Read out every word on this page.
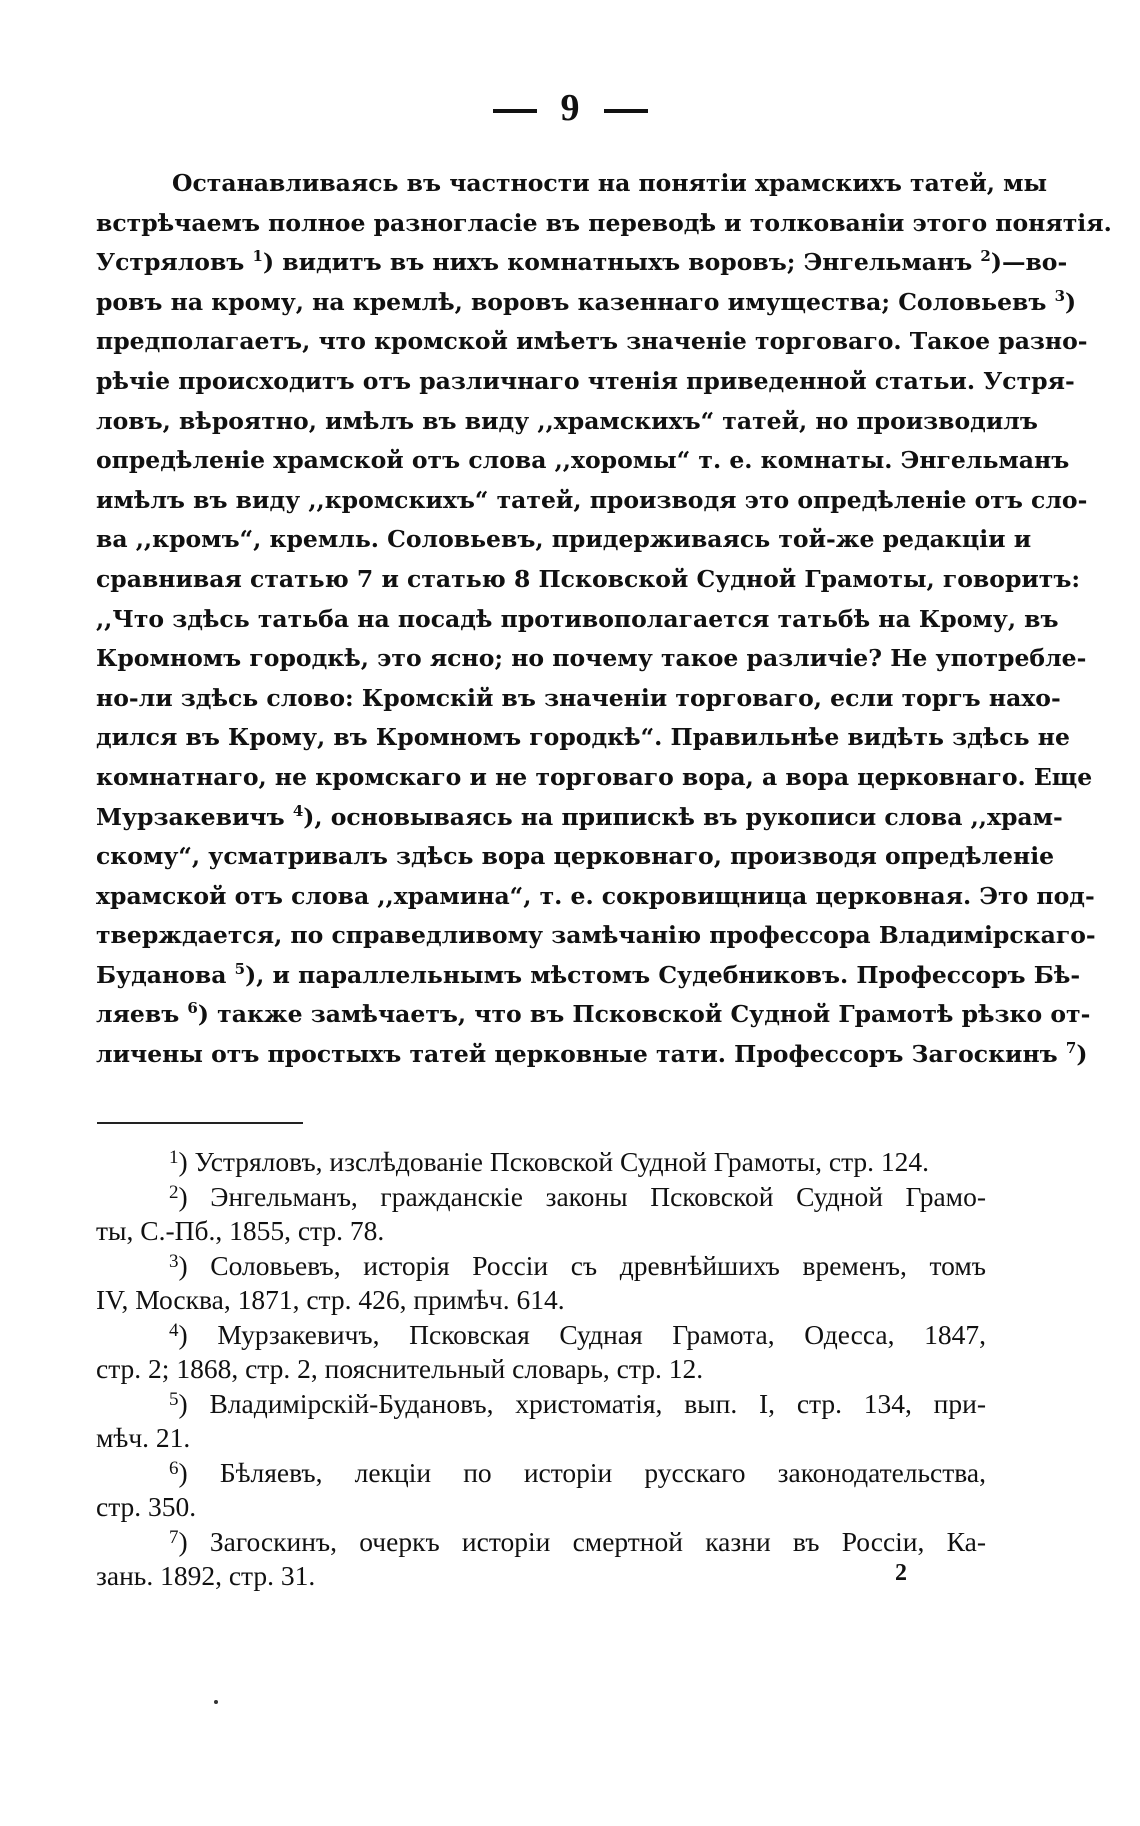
9
Останавливаясь въ частности на понятіи храмскихъ татей, мы
встрѣчаемъ полное разногласіе въ переводѣ и толкованіи этого понятія.
Устряловъ $^1$) видитъ въ нихъ комнатныхъ воровъ; Энгельманъ $^2$)—во-
ровъ на крому, на кремлѣ, воровъ казеннаго имущества; Соловьевъ $^3$)
предполагаетъ, что кромской имѣетъ значеніе торговаго. Такое разно-
рѣчіе происходитъ отъ различнаго чтенія приведенной статьи. Устря-
ловъ, вѣроятно, имѣлъ въ виду ,,храмскихъ“ татей, но производилъ
опредѣленіе храмской отъ слова ,,хоромы“ т. е. комнаты. Энгельманъ
имѣлъ въ виду ,,кромскихъ“ татей, производя это опредѣленіе отъ сло-
ва ,,кромъ“, кремль. Соловьевъ, придерживаясь той-же редакціи и
сравнивая статью 7 и статью 8 Псковской Судной Грамоты, говоритъ:
,,Что здѣсь татьба на посадѣ противополагается татьбѣ на Крому, въ
Кромномъ городкѣ, это ясно; но почему такое различіе? Не употребле-
но-ли здѣсь слово: Кромскій въ значеніи торговаго, если торгъ нахо-
дился въ Крому, въ Кромномъ городкѣ“. Правильнѣе видѣть здѣсь не
комнатнаго, не кромскаго и не торговаго вора, а вора церковнаго. Еще
Мурзакевичъ $^4$), основываясь на припискѣ въ рукописи слова ,,храм-
скому“, усматривалъ здѣсь вора церковнаго, производя опредѣленіе
храмской отъ слова ,,хрaмина“, т. е. сокровищница церковная. Это под-
тверждается, по справедливому замѣчанію профессора Владимірскаго-
Буданова $^5$), и параллельнымъ мѣстомъ Судебниковъ. Профессоръ Бѣ-
ляевъ $^6$) также замѣчаетъ, что въ Псковской Судной Грамотѣ рѣзко от-
личены отъ простыхъ татей церковные тати. Профессоръ Загоскинъ $^7$)
$^1$) Устряловъ, изслѣдованіе Псковской Судной Грамоты, стр. 124.
$^2$) Энгельманъ, гражданскіе законы Псковской Судной Грамо-
ты, С.-Пб., 1855, стр. 78.
$^3$) Соловьевъ, исторія Россіи съ древнѣйшихъ временъ, томъ
IV, Москва, 1871, стр. 426, примѣч. 614.
$^4$) Мурзакевичъ, Псковская Судная Грамота, Одесса, 1847,
стр. 2; 1868, стр. 2, пояснительный словарь, стр. 12.
$^5$) Владимірскій-Будановъ, христоматія, вып. I, стр. 134, при-
мѣч. 21.
$^6$) Бѣляевъ, лекціи по исторіи русскаго законодательства,
стр. 350.
$^7$) Загоскинъ, очеркъ исторіи смертной казни въ Россіи, Ка-
зань. 1892, стр. 31.	2
